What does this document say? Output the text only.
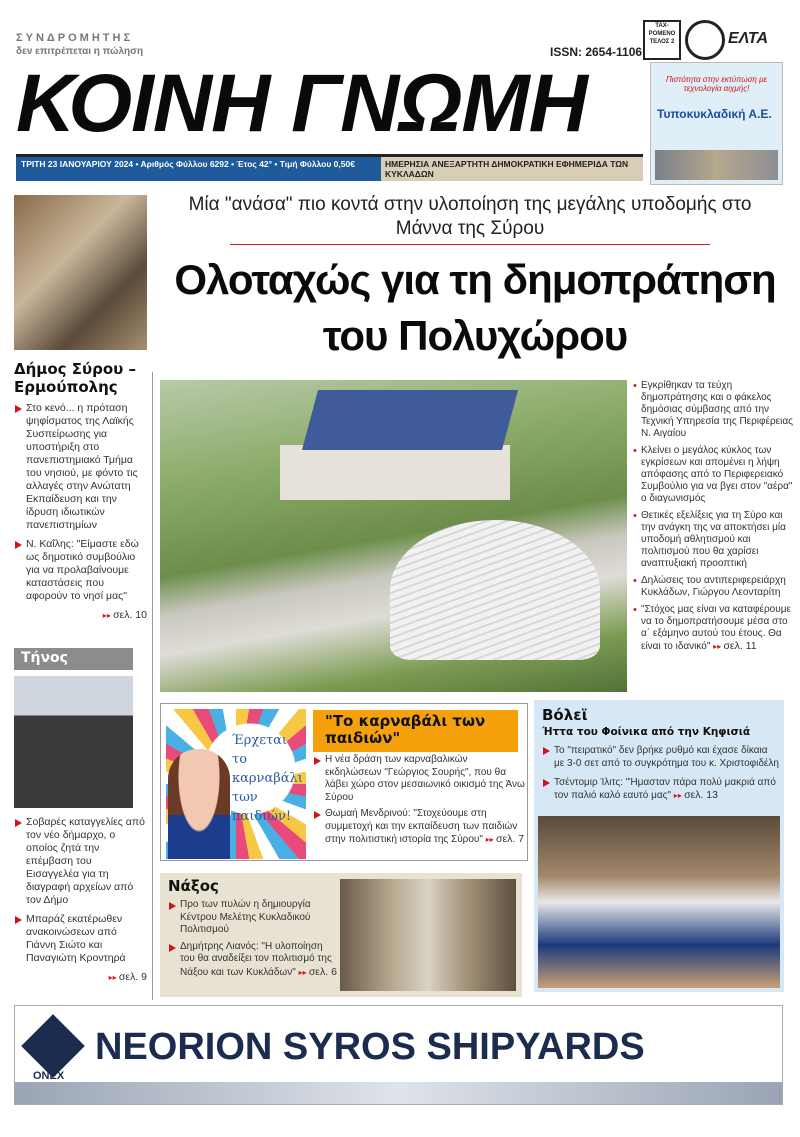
ΣΥΝΔΡΟΜΗΤΗΣ
δεν επιτρέπεται η πώληση	ISSN: 2654-1106
ΤΑΧ-ΡΟΜΕΝΟ ΤΕΛΟΣ 2	ΕΛΤΑ
ΚΟΙΝΗ ΓΝΩΜΗ
ΤΡΙΤΗ 23 ΙΑΝΟΥΑΡΙΟΥ 2024 • Αριθμός Φύλλου 6292 • Έτος 42° • Τιμή Φύλλου 0,50€	ΗΜΕΡΗΣΙΑ ΑΝΕΞΑΡΤΗΤΗ ΔΗΜΟΚΡΑΤΙΚΗ ΕΦΗΜΕΡΙΔΑ ΤΩΝ ΚΥΚΛΑΔΩΝ
Πιστότητα στην εκτύπωση με τεχνολογία αιχμής!
Τυποκυκλαδική Α.Ε.
Δήμος Σύρου – Ερμούπολης
Στο κενό... η πρόταση ψηφίσματος της Λαϊκής Συσπείρωσης για υποστήριξη στο πανεπιστημιακό Τμήμα του νησιού, με φόντο τις αλλαγές στην Ανώτατη Εκπαίδευση και την ίδρυση ιδιωτικών πανεπιστημίων
Ν. Καΐλης: "Είμαστε εδώ ως δημοτικό συμβούλιο για να προλαβαίνουμε καταστάσεις που αφορούν το νησί μας"
▸▸ σελ. 10
Τήνος
Σοβαρές καταγγελίες από τον νέο δήμαρχο, ο οποίος ζητά την επέμβαση του Εισαγγελέα για τη διαγραφή αρχείων από τον Δήμο
Μπαράζ εκατέρωθεν ανακοινώσεων από Γιάννη Σιώτο και Παναγιώτη Κροντηρά
▸▸ σελ. 9
Μία "ανάσα" πιο κοντά στην υλοποίηση της μεγάλης υποδομής στο Μάννα της Σύρου
Ολοταχώς για τη δημοπράτηση του Πολυχώρου
• Εγκρίθηκαν τα τεύχη δημοπράτησης και ο φάκελος δημόσιας σύμβασης από την Τεχνική Υπηρεσία της Περιφέρειας Ν. Αιγαίου
• Κλείνει ο μεγάλος κύκλος των εγκρίσεων και απομένει η λήψη απόφασης από το Περιφερειακό Συμβούλιο για να βγει στον "αέρα" ο διαγωνισμός
• Θετικές εξελίξεις για τη Σύρο και την ανάγκη της να αποκτήσει μία υποδομή αθλητισμού και πολιτισμού που θα χαρίσει αναπτυξιακή προοπτική
• Δηλώσεις του αντιπεριφερειάρχη Κυκλάδων, Γιώργου Λεονταρίτη
• "Στόχος μας είναι να καταφέρουμε να το δημοπρατήσουμε μέσα στο α΄ εξάμηνο αυτού του έτους. Θα είναι το ιδανικό" ▸▸ σελ. 11
Έρχεται το καρναβάλι των παιδιών!
"Το καρναβάλι των παιδιών"
Η νέα δράση των καρναβαλικών εκδηλώσεων "Γεώργιος Σουρής", που θα λάβει χώρο στον μεσαιωνικό οικισμό της Άνω Σύρου
Θωμαή Μενδρινού: "Στοχεύουμε στη συμμετοχή και την εκπαίδευση των παιδιών στην πολιτιστική ιστορία της Σύρου" ▸▸ σελ. 7
Νάξος
Προ των πυλών η δημιουργία Κέντρου Μελέτης Κυκλαδικού Πολιτισμού
Δημήτρης Λιανός: "Η υλοποίηση του θα αναδείξει τον πολιτισμό της Νάξου και των Κυκλάδων" ▸▸ σελ. 6
Βόλεϊ
Ήττα του Φοίνικα από την Κηφισιά
Το "πειρατικό" δεν βρήκε ρυθμό και έχασε δίκαια με 3-0 σετ από το συγκρότημα του κ. Χριστοφιδέλη
Τσέντομιρ Ίλιτς: "Ήμασταν πάρα πολύ μακριά από τον παλιό καλό εαυτό μας" ▸▸ σελ. 13
ONEX
NEORION SYROS SHIPYARDS
